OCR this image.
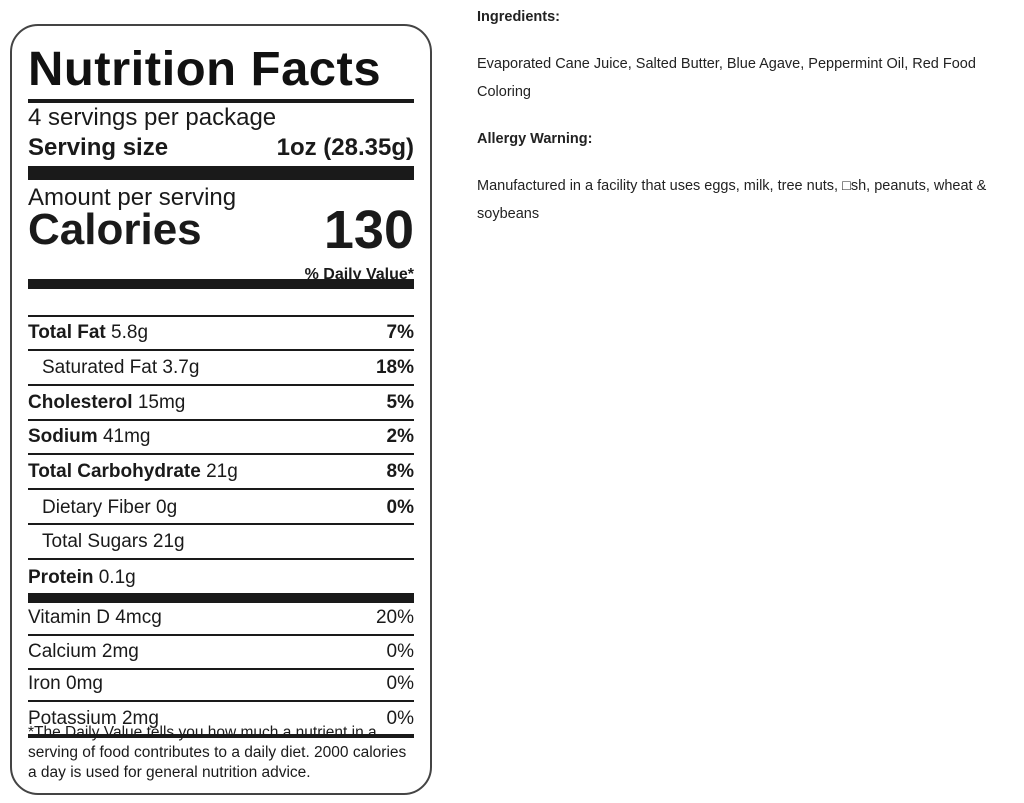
Nutrition Facts
4 servings per package
Serving size	1oz (28.35g)
Amount per serving
Calories 130
% Daily Value*
Total Fat 5.8g	7%
Saturated Fat 3.7g	18%
Cholesterol 15mg	5%
Sodium 41mg	2%
Total Carbohydrate 21g	8%
Dietary Fiber 0g	0%
Total Sugars 21g
Protein 0.1g
Vitamin D 4mcg	20%
Calcium 2mg	0%
Iron 0mg	0%
Potassium 2mg	0%
*The Daily Value tells you how much a nutrient in a serving of food contributes to a daily diet. 2000 calories a day is used for general nutrition advice.
Ingredients:
Evaporated Cane Juice, Salted Butter, Blue Agave, Peppermint Oil, Red Food Coloring
Allergy Warning:
Manufactured in a facility that uses eggs, milk, tree nuts, □sh, peanuts, wheat & soybeans
